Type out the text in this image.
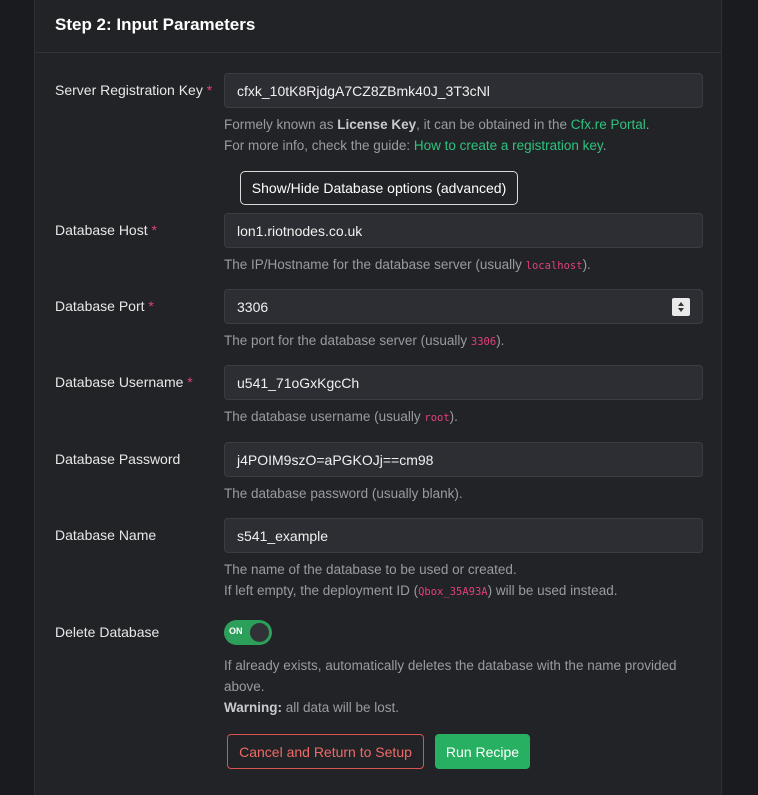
Step 2: Input Parameters
Server Registration Key *	cfxk_10tK8RjdgA7CZ8ZBmk40J_3T3cNl
Formely known as License Key, it can be obtained in the Cfx.re Portal.
For more info, check the guide: How to create a registration key.
Show/Hide Database options (advanced)
Database Host *	lon1.riotnodes.co.uk
The IP/Hostname for the database server (usually localhost).
Database Port *	3306
The port for the database server (usually 3306).
Database Username *	u541_71oGxKgcCh
The database username (usually root).
Database Password	j4POIM9szO=aPGKOJj==cm98
The database password (usually blank).
Database Name	s541_example
The name of the database to be used or created.
If left empty, the deployment ID (Qbox_35A93A) will be used instead.
Delete Database	ON
If already exists, automatically deletes the database with the name provided above.
Warning: all data will be lost.
Cancel and Return to Setup	Run Recipe
